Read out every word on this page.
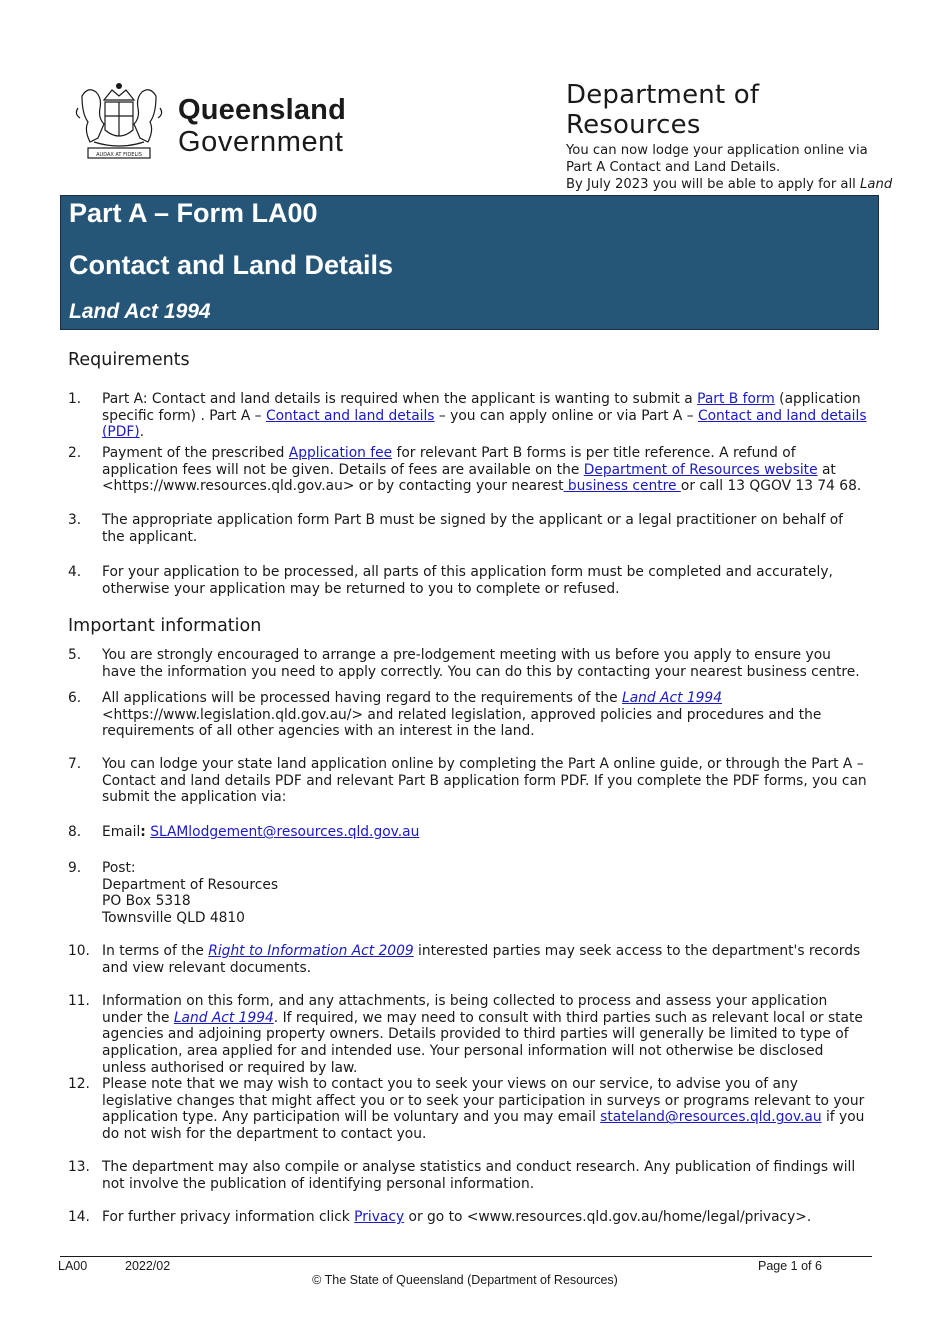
AUDAX AT FIDELIS
Queensland
Government
Department of Resources
You can now lodge your application online via Part A Contact and Land Details.
By July 2023 you will be able to apply for all Land
Part A – Form LA00
Contact and Land Details
Land Act 1994
Requirements
1.	Part A: Contact and land details is required when the applicant is wanting to submit a Part B form (application specific form) . Part A – Contact and land details – you can apply online or via Part A – Contact and land details (PDF).
2.	Payment of the prescribed Application fee for relevant Part B forms is per title reference. A refund of application fees will not be given. Details of fees are available on the Department of Resources website at <https://www.resources.qld.gov.au> or by contacting your nearest business centre or call 13 QGOV 13 74 68.
3.	The appropriate application form Part B must be signed by the applicant or a legal practitioner on behalf of the applicant.
4.	For your application to be processed, all parts of this application form must be completed and accurately, otherwise your application may be returned to you to complete or refused.
Important information
5.	You are strongly encouraged to arrange a pre-lodgement meeting with us before you apply to ensure you have the information you need to apply correctly. You can do this by contacting your nearest business centre.
6.	All applications will be processed having regard to the requirements of the Land Act 1994 <https://www.legislation.qld.gov.au/> and related legislation, approved policies and procedures and the requirements of all other agencies with an interest in the land.
7.	You can lodge your state land application online by completing the Part A online guide, or through the Part A – Contact and land details PDF and relevant Part B application form PDF. If you complete the PDF forms, you can submit the application via:
8.	Email: SLAMlodgement@resources.qld.gov.au
9.	Post:
Department of Resources
PO Box 5318
Townsville QLD 4810
10. In terms of the Right to Information Act 2009 interested parties may seek access to the department's records and view relevant documents.
11. Information on this form, and any attachments, is being collected to process and assess your application under the Land Act 1994. If required, we may need to consult with third parties such as relevant local or state agencies and adjoining property owners. Details provided to third parties will generally be limited to type of application, area applied for and intended use. Your personal information will not otherwise be disclosed unless authorised or required by law.
12. Please note that we may wish to contact you to seek your views on our service, to advise you of any legislative changes that might affect you or to seek your participation in surveys or programs relevant to your application type. Any participation will be voluntary and you may email stateland@resources.qld.gov.au if you do not wish for the department to contact you.
13. The department may also compile or analyse statistics and conduct research. Any publication of findings will not involve the publication of identifying personal information.
14. For further privacy information click Privacy or go to <www.resources.qld.gov.au/home/legal/privacy>.
LA00	2022/02	Page 1 of 6
© The State of Queensland (Department of Resources)
